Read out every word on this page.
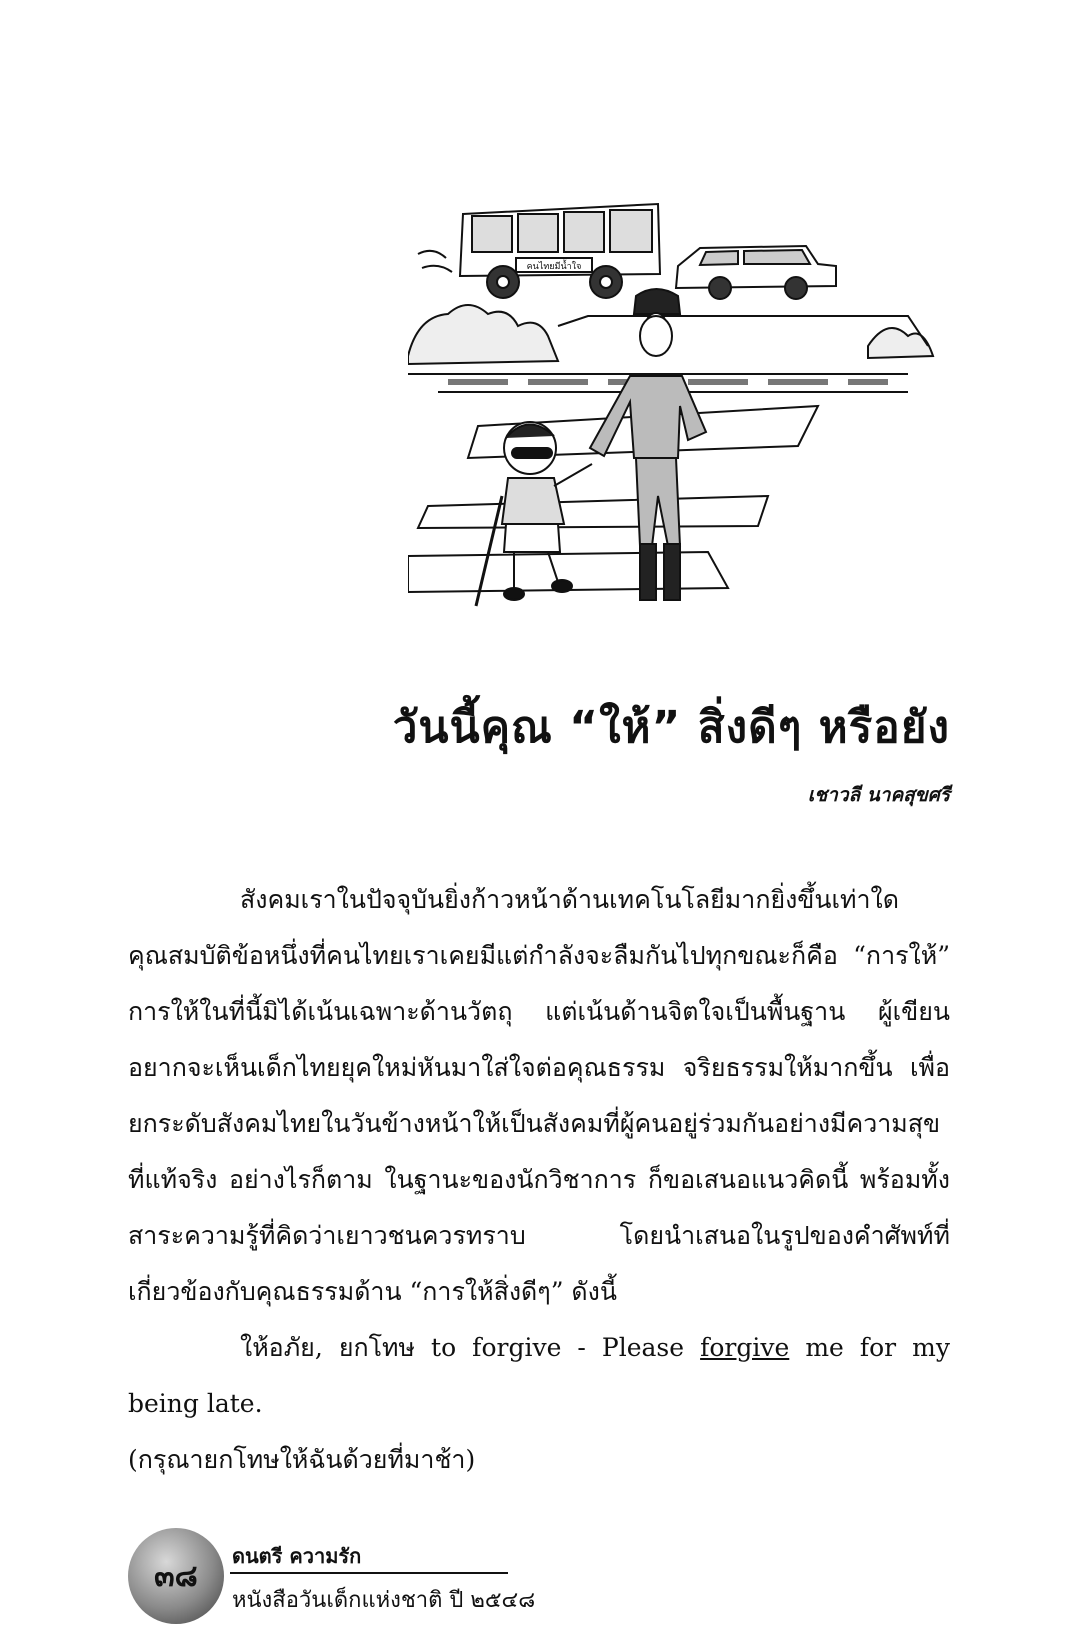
คนไทยมีน้ำใจ
วันนี้คุณ “ให้” สิ่งดีๆ หรือยัง
เชาวลี นาคสุขศรี

สังคมเราในปัจจุบันยิ่งก้าวหน้าด้านเทคโนโลยีมากยิ่งขึ้นเท่าใด คุณสมบัติข้อหนึ่งที่คนไทยเราเคยมีแต่กำลังจะลืมกันไปทุกขณะก็คือ “การให้” การให้ในที่นี้มิได้เน้นเฉพาะด้านวัตถุ แต่เน้นด้านจิตใจเป็นพื้นฐาน ผู้เขียนอยากจะเห็นเด็กไทยยุคใหม่หันมาใส่ใจต่อคุณธรรม จริยธรรมให้มากขึ้น เพื่อยกระดับสังคมไทยในวันข้างหน้าให้เป็นสังคมที่ผู้คนอยู่ร่วมกันอย่างมีความสุขที่แท้จริง อย่างไรก็ตาม ในฐานะของนักวิชาการ ก็ขอเสนอแนวคิดนี้ พร้อมทั้งสาระความรู้ที่คิดว่าเยาวชนควรทราบ โดยนำเสนอในรูปของคำศัพท์ที่เกี่ยวข้องกับคุณธรรมด้าน “การให้สิ่งดีๆ” ดังนี้

ให้อภัย, ยกโทษ to forgive - Please forgive me for my being late.

(กรุณายกโทษให้ฉันด้วยที่มาช้า)

๓๘
ดนตรี ความรัก
หนังสือวันเด็กแห่งชาติ ปี ๒๕๔๘
